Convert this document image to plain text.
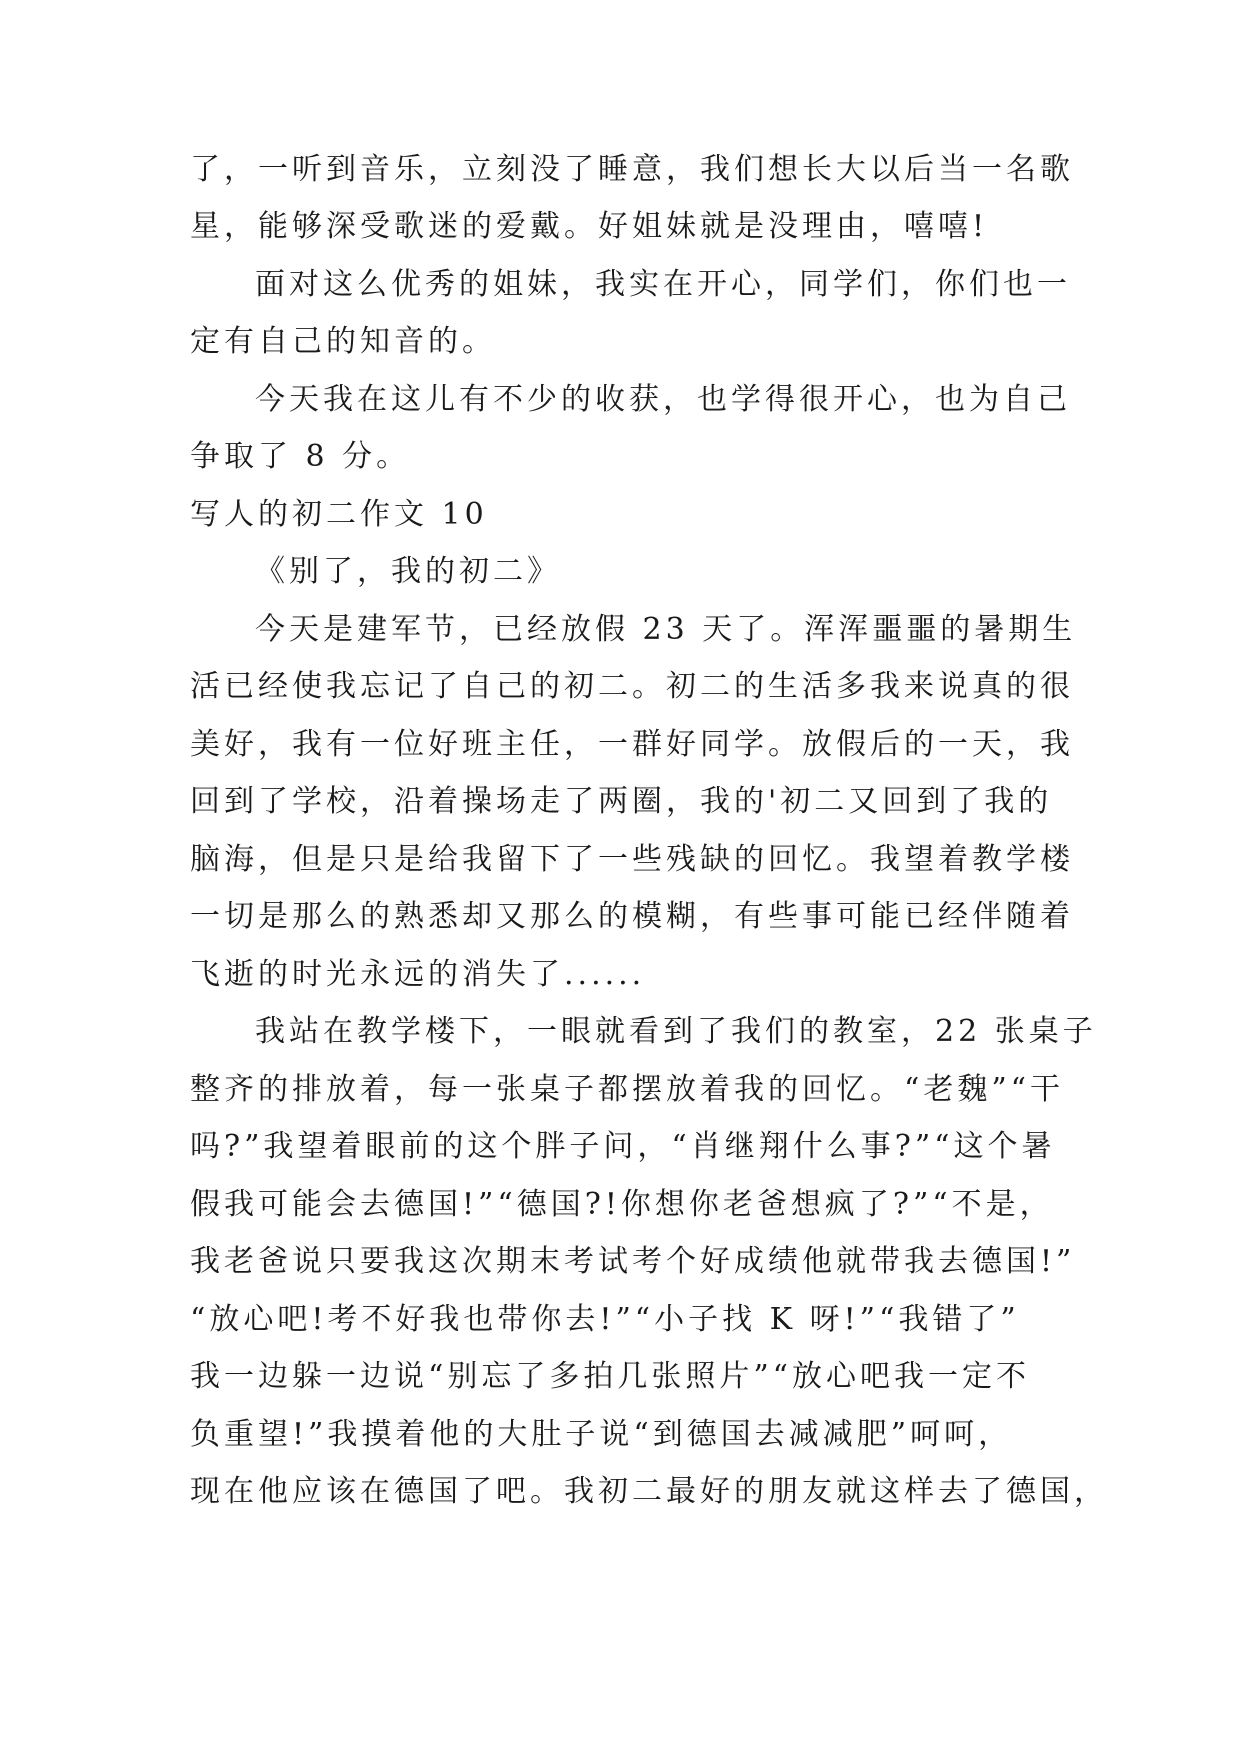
了，一听到音乐，立刻没了睡意，我们想长大以后当一名歌
星，能够深受歌迷的爱戴。好姐妹就是没理由，嘻嘻!
面对这么优秀的姐妹，我实在开心，同学们，你们也一
定有自己的知音的。
今天我在这儿有不少的收获，也学得很开心，也为自己
争取了 8 分。
写人的初二作文 10
《别了，我的初二》
今天是建军节，已经放假 23 天了。浑浑噩噩的暑期生
活已经使我忘记了自己的初二。初二的生活多我来说真的很
美好，我有一位好班主任，一群好同学。放假后的一天，我
回到了学校，沿着操场走了两圈，我的'初二又回到了我的
脑海，但是只是给我留下了一些残缺的回忆。我望着教学楼
一切是那么的熟悉却又那么的模糊，有些事可能已经伴随着
飞逝的时光永远的消失了......
我站在教学楼下，一眼就看到了我们的教室，22 张桌子
整齐的排放着，每一张桌子都摆放着我的回忆。“老魏”“干
吗?”我望着眼前的这个胖子问，“肖继翔什么事?”“这个暑
假我可能会去德国!”“德国?!你想你老爸想疯了?”“不是，
我老爸说只要我这次期末考试考个好成绩他就带我去德国!”
“放心吧!考不好我也带你去!”“小子找 K 呀!”“我错了”
我一边躲一边说“别忘了多拍几张照片”“放心吧我一定不
负重望!”我摸着他的大肚子说“到德国去减减肥”呵呵，
现在他应该在德国了吧。我初二最好的朋友就这样去了德国，
